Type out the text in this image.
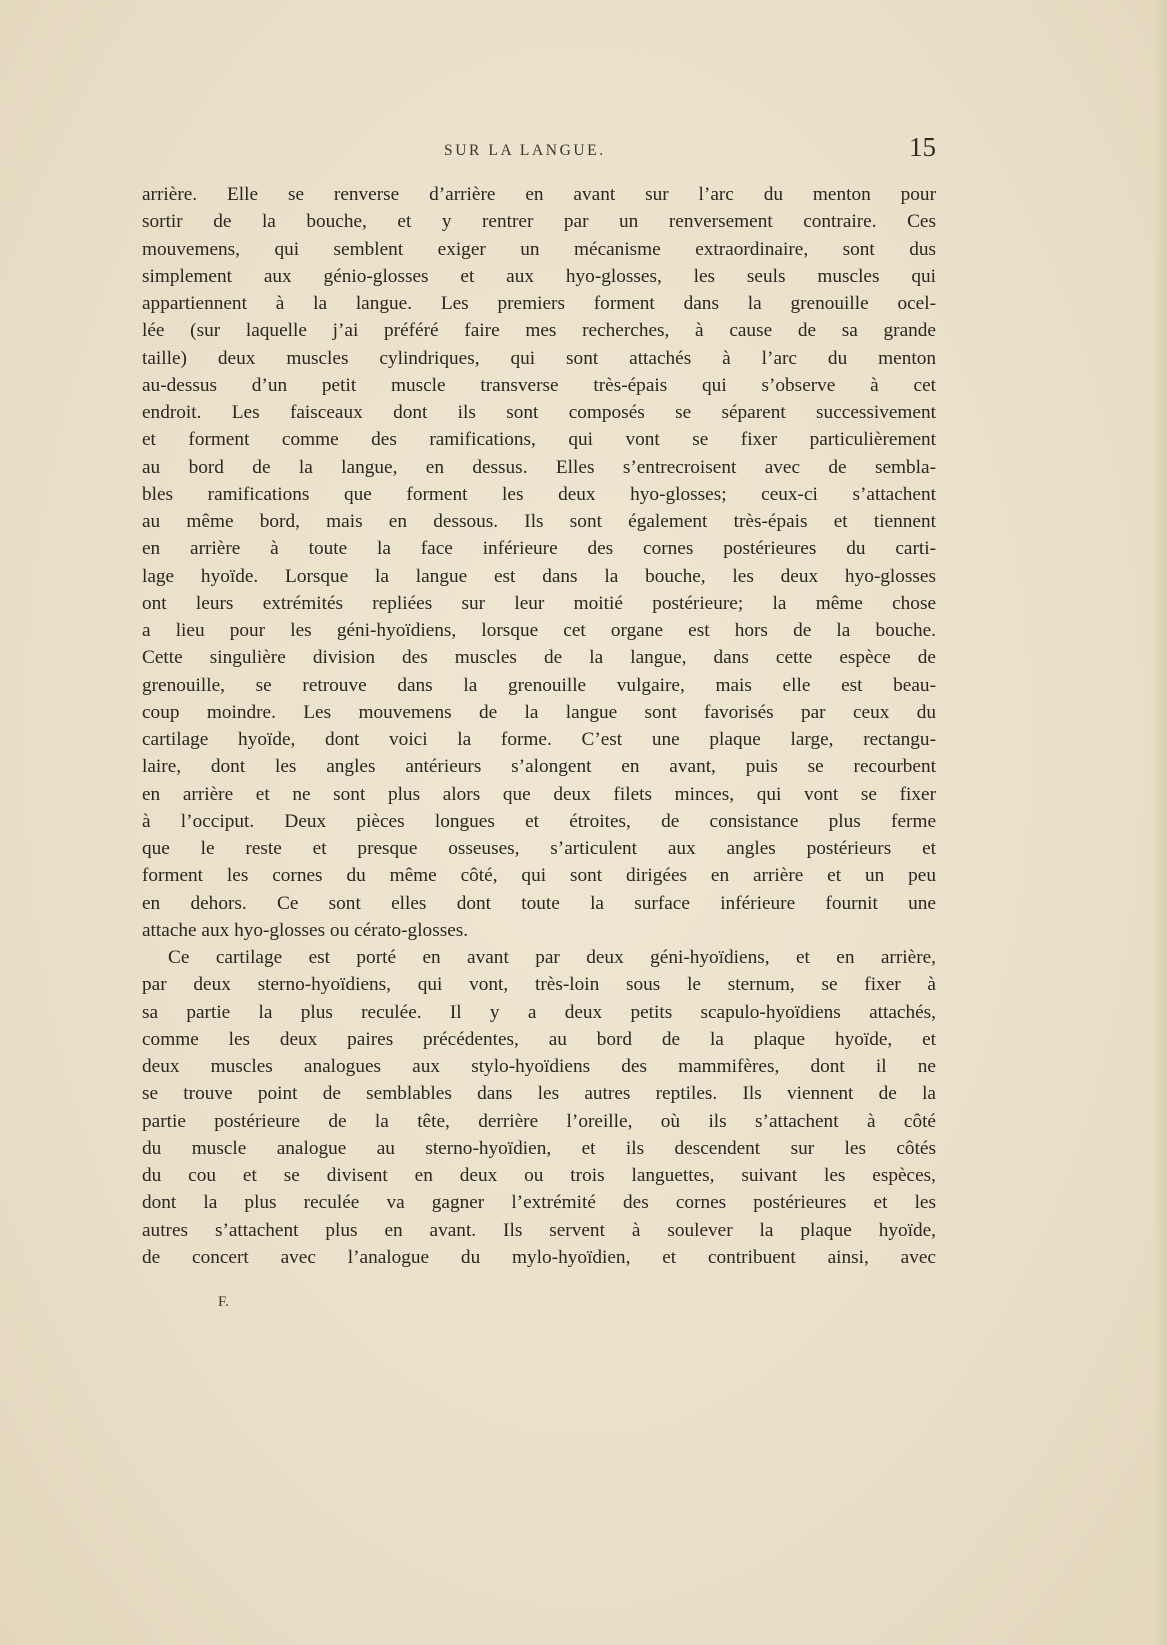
SUR LA LANGUE.	15
arrière. Elle se renverse d’arrière en avant sur l’arc du menton pour
sortir de la bouche, et y rentrer par un renversement contraire. Ces
mouvemens, qui semblent exiger un mécanisme extraordinaire, sont dus
simplement aux génio-glosses et aux hyo-glosses, les seuls muscles qui
appartiennent à la langue. Les premiers forment dans la grenouille ocel-
lée (sur laquelle j’ai préféré faire mes recherches, à cause de sa grande
taille) deux muscles cylindriques, qui sont attachés à l’arc du menton
au-dessus d’un petit muscle transverse très-épais qui s’observe à cet
endroit. Les faisceaux dont ils sont composés se séparent successivement
et forment comme des ramifications, qui vont se fixer particulièrement
au bord de la langue, en dessus. Elles s’entrecroisent avec de sembla-
bles ramifications que forment les deux hyo-glosses; ceux-ci s’attachent
au même bord, mais en dessous. Ils sont également très-épais et tiennent
en arrière à toute la face inférieure des cornes postérieures du carti-
lage hyoïde. Lorsque la langue est dans la bouche, les deux hyo-glosses
ont leurs extrémités repliées sur leur moitié postérieure; la même chose
a lieu pour les géni-hyoïdiens, lorsque cet organe est hors de la bouche.
Cette singulière division des muscles de la langue, dans cette espèce de
grenouille, se retrouve dans la grenouille vulgaire, mais elle est beau-
coup moindre. Les mouvemens de la langue sont favorisés par ceux du
cartilage hyoïde, dont voici la forme. C’est une plaque large, rectangu-
laire, dont les angles antérieurs s’alongent en avant, puis se recourbent
en arrière et ne sont plus alors que deux filets minces, qui vont se fixer
à l’occiput. Deux pièces longues et étroites, de consistance plus ferme
que le reste et presque osseuses, s’articulent aux angles postérieurs et
forment les cornes du même côté, qui sont dirigées en arrière et un peu
en dehors. Ce sont elles dont toute la surface inférieure fournit une
attache aux hyo-glosses ou cérato-glosses.
Ce cartilage est porté en avant par deux géni-hyoïdiens, et en arrière,
par deux sterno-hyoïdiens, qui vont, très-loin sous le sternum, se fixer à
sa partie la plus reculée. Il y a deux petits scapulo-hyoïdiens attachés,
comme les deux paires précédentes, au bord de la plaque hyoïde, et
deux muscles analogues aux stylo-hyoïdiens des mammifères, dont il ne
se trouve point de semblables dans les autres reptiles. Ils viennent de la
partie postérieure de la tête, derrière l’oreille, où ils s’attachent à côté
du muscle analogue au sterno-hyoïdien, et ils descendent sur les côtés
du cou et se divisent en deux ou trois languettes, suivant les espèces,
dont la plus reculée va gagner l’extrémité des cornes postérieures et les
autres s’attachent plus en avant. Ils servent à soulever la plaque hyoïde,
de concert avec l’analogue du mylo-hyoïdien, et contribuent ainsi, avec
F.
